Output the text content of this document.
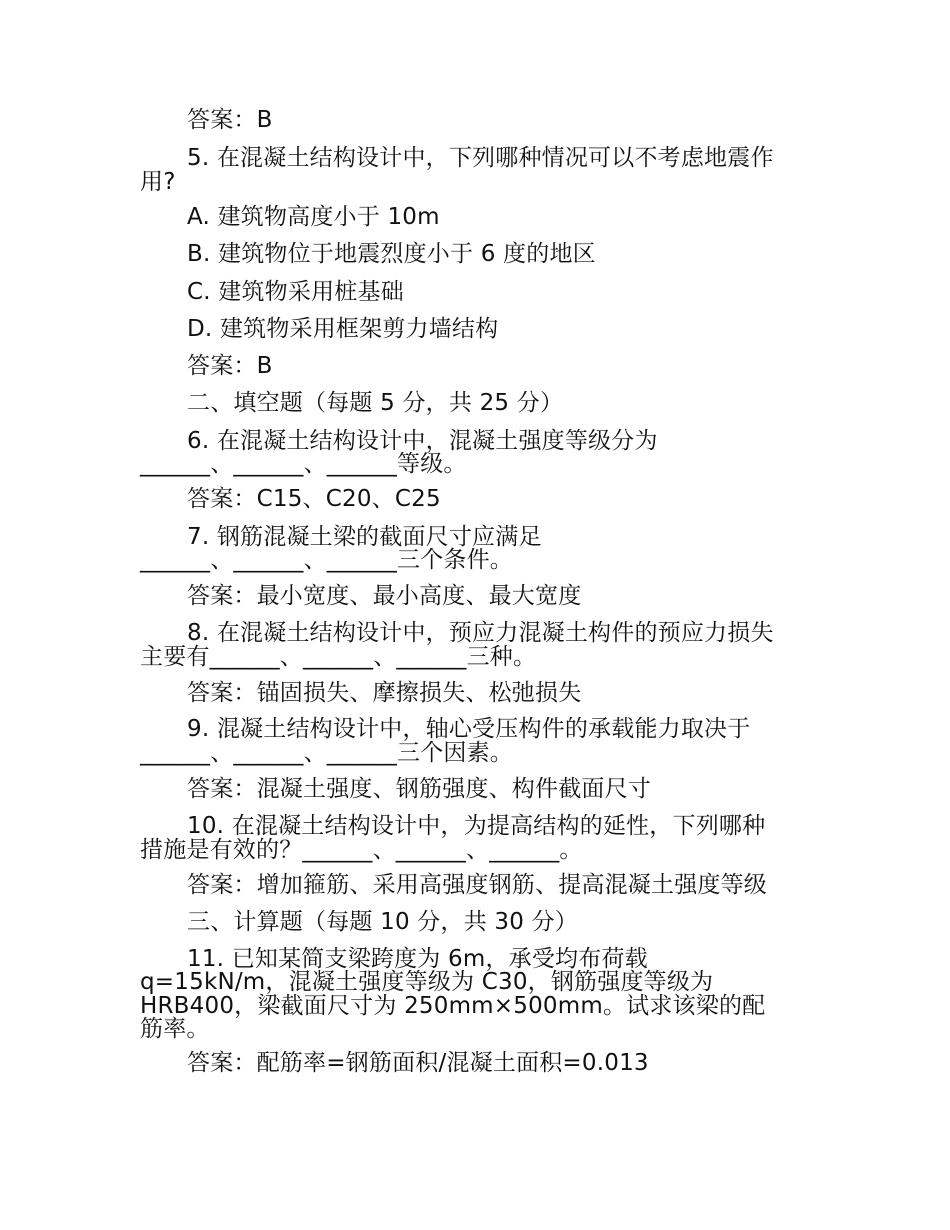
答案：B
5. 在混凝土结构设计中，下列哪种情况可以不考虑地震作
用?
A. 建筑物高度小于 10m
B. 建筑物位于地震烈度小于 6 度的地区
C. 建筑物采用桩基础
D. 建筑物采用框架剪力墙结构
答案：B
二、填空题（每题 5 分，共 25 分）
6. 在混凝土结构设计中，混凝土强度等级分为
______、______、______等级。
答案：C15、C20、C25
7. 钢筋混凝土梁的截面尺寸应满足
______、______、______三个条件。
答案：最小宽度、最小高度、最大宽度
8. 在混凝土结构设计中，预应力混凝土构件的预应力损失
主要有______、______、______三种。
答案：锚固损失、摩擦损失、松弛损失
9. 混凝土结构设计中，轴心受压构件的承载能力取决于
______、______、______三个因素。
答案：混凝土强度、钢筋强度、构件截面尺寸
10. 在混凝土结构设计中，为提高结构的延性，下列哪种
措施是有效的？______、______、______。
答案：增加箍筋、采用高强度钢筋、提高混凝土强度等级
三、计算题（每题 10 分，共 30 分）
11. 已知某简支梁跨度为 6m，承受均布荷载
q=15kN/m，混凝土强度等级为 C30，钢筋强度等级为
HRB400，梁截面尺寸为 250mm×500mm。试求该梁的配
筋率。
答案：配筋率=钢筋面积/混凝土面积=0.013
